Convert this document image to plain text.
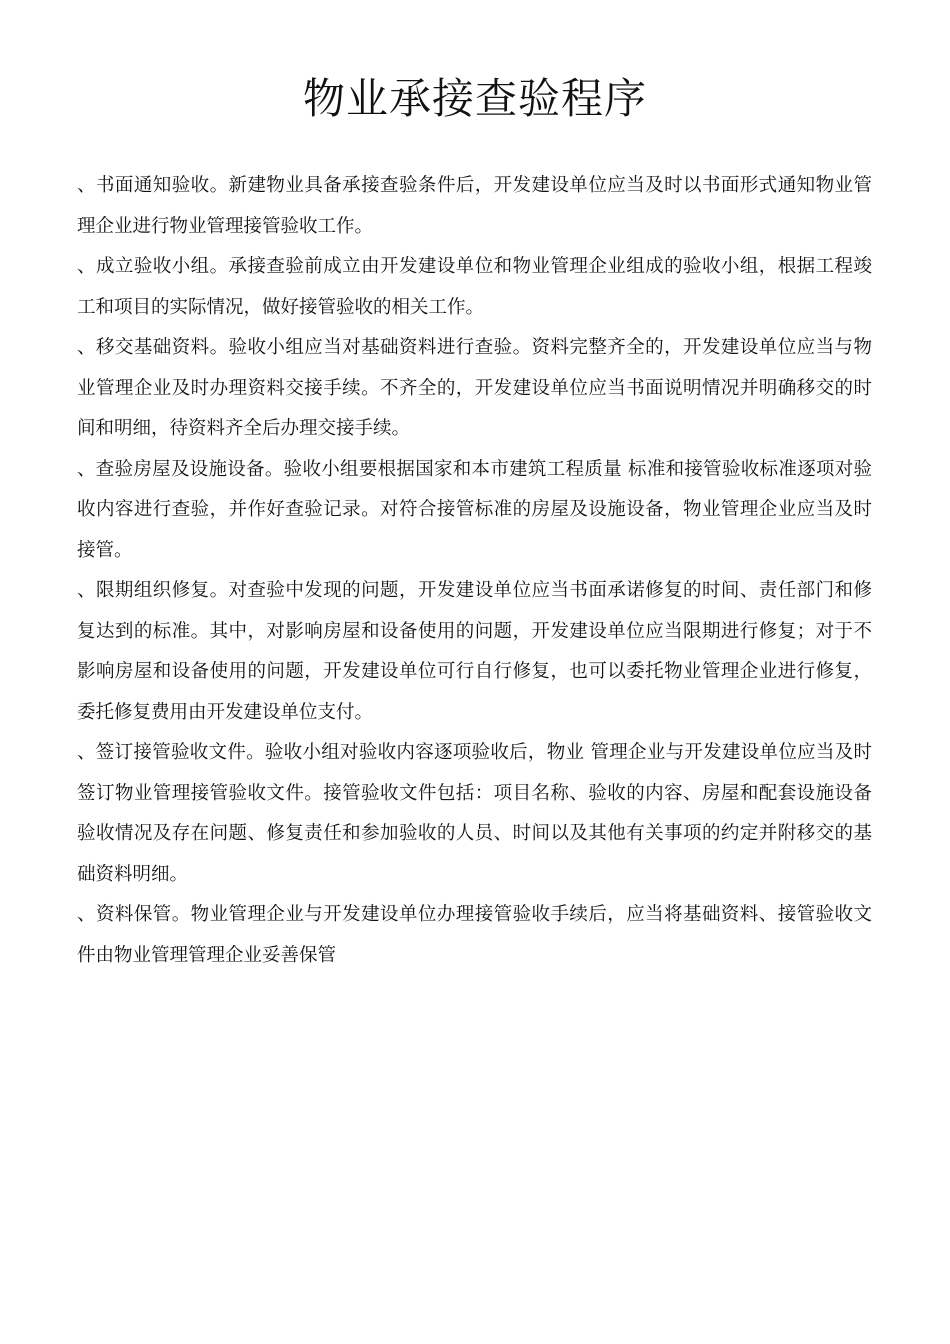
物业承接查验程序

、书面通知验收。新建物业具备承接查验条件后，开发建设单位应当及时以书面形式通知物业管理企业进行物业管理接管验收工作。

、成立验收小组。承接查验前成立由开发建设单位和物业管理企业组成的验收小组，根据工程竣工和项目的实际情况，做好接管验收的相关工作。

、移交基础资料。验收小组应当对基础资料进行查验。资料完整齐全的，开发建设单位应当与物业管理企业及时办理资料交接手续。不齐全的，开发建设单位应当书面说明情况并明确移交的时间和明细，待资料齐全后办理交接手续。

、查验房屋及设施设备。验收小组要根据国家和本市建筑工程质量 标准和接管验收标准逐项对验收内容进行查验，并作好查验记录。对符合接管标准的房屋及设施设备，物业管理企业应当及时接管。

、限期组织修复。对查验中发现的问题，开发建设单位应当书面承诺修复的时间、责任部门和修复达到的标准。其中，对影响房屋和设备使用的问题，开发建设单位应当限期进行修复；对于不影响房屋和设备使用的问题，开发建设单位可行自行修复，也可以委托物业管理企业进行修复，委托修复费用由开发建设单位支付。

、签订接管验收文件。验收小组对验收内容逐项验收后，物业 管理企业与开发建设单位应当及时签订物业管理接管验收文件。接管验收文件包括：项目名称、验收的内容、房屋和配套设施设备验收情况及存在问题、修复责任和参加验收的人员、时间以及其他有关事项的约定并附移交的基础资料明细。

、资料保管。物业管理企业与开发建设单位办理接管验收手续后，应当将基础资料、接管验收文件由物业管理管理企业妥善保管
